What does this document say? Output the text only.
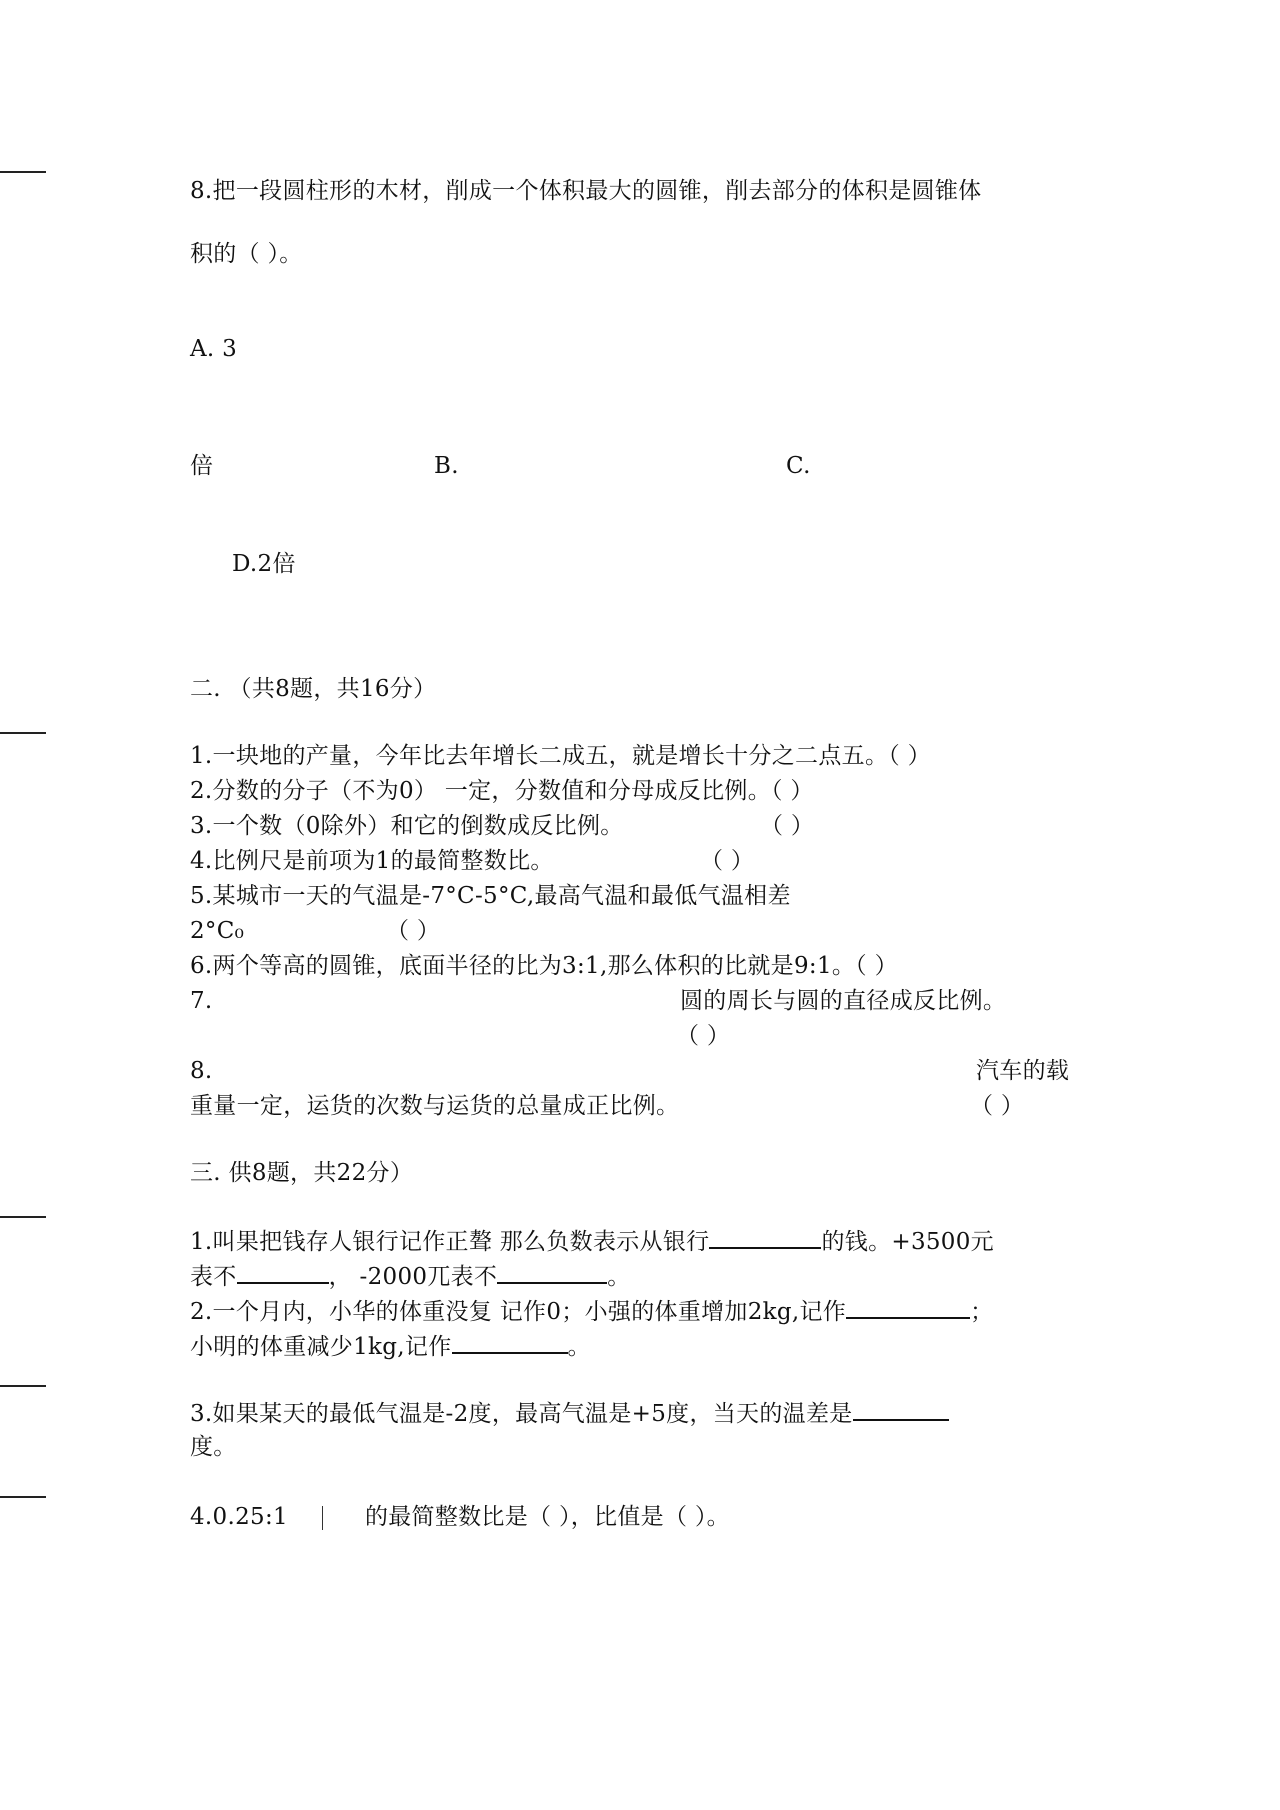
8.把一段圆柱形的木材，削成一个体积最大的圆锥，削去部分的体积是圆锥体
积的（ ）。
A. 3
倍	B.	C.
D.2倍
二. （共8题，共16分）
1.一块地的产量，今年比去年增长二成五，就是增长十分之二点五。（ ）
2.分数的分子（不为0） 一定，分数值和分母成反比例。（ ）
3.一个数（0除外）和它的倒数成反比例。	（ ）
4.比例尺是前项为1的最简整数比。	（ ）
5.某城市一天的气温是-7°C-5°C,最高气温和最低气温相差
2°C₀	（ ）
6.两个等高的圆锥，底面半径的比为3:1,那么体积的比就是9:1。（ ）
7.	圆的周长与圆的直径成反比例。
（ ）
8.	汽车的载
重量一定，运货的次数与运货的总量成正比例。	（ ）
三. 供8题，共22分）
1.叫果把钱存人银行记作正聱 那么负数表示从银行	的钱。+3500元
表不	， -2000兀表不	。
2.一个月内，小华的体重没复 记作0；小强的体重增加2kg,记作	；
小明的体重减少1kg,记作	。
3.如果某天的最低气温是-2度，最高气温是+5度，当天的温差是
度。
4.0.25:1	的最简整数比是（ ），比值是（ ）。
